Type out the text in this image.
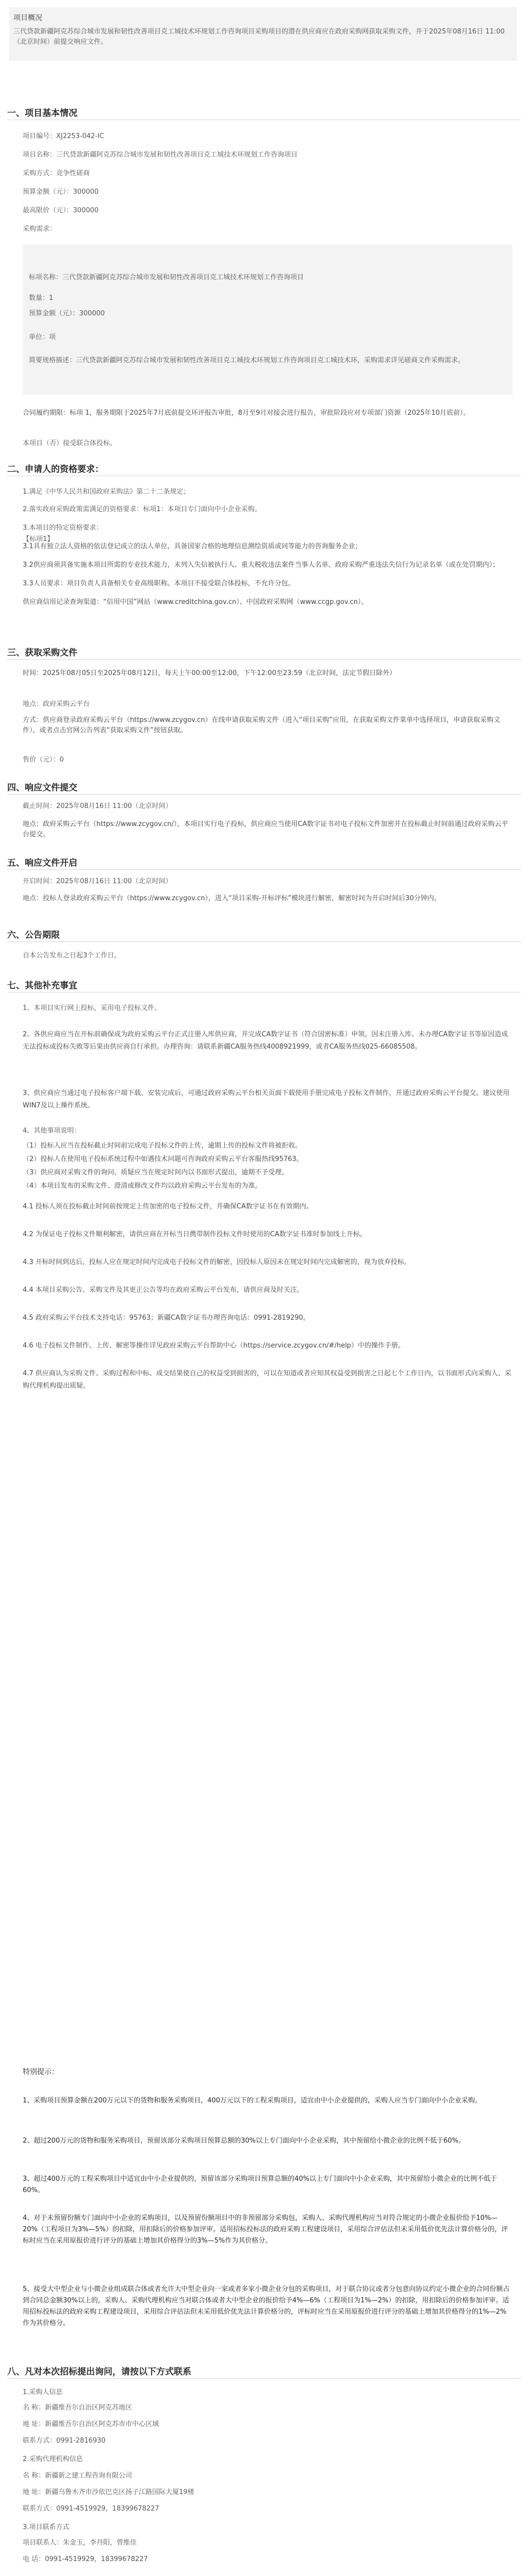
项目概况
三代贷款新疆阿克苏综合城市发展和韧性改善项目克工城技术环规划工作咨询项目采购项目的潜在供应商应在政府采购网获取采购文件，并于2025年08月16日 11:00（北京时间）前提交响应文件。
一、项目基本情况
项目编号：XJ2253-042-IC
项目名称：三代贷款新疆阿克苏综合城市发展和韧性改善项目克工城技术环规划工作咨询项目
采购方式：竞争性磋商
预算金额（元）：300000
最高限价（元）：300000
采购需求：
标项名称：三代贷款新疆阿克苏综合城市发展和韧性改善项目克工城技术环规划工作咨询项目
数量：1
预算金额（元）：300000
单位：项
简要规格描述：三代贷款新疆阿克苏综合城市发展和韧性改善项目克工城技术环规划工作咨询项目克工城技术环，采购需求详见磋商文件采购需求。
合同履约期限：标项 1，服务期限于2025年7月底前提交环评报告审批，8月至9月对接会进行报告，审批阶段应对专项部门资源（2025年10月底前）。
本项目（否）接受联合体投标。
二、申请人的资格要求：
1.满足《中华人民共和国政府采购法》第二十二条规定；
2.落实政府采购政策需满足的资格要求：标项1：本项目专门面向中小企业采购。
3.本项目的特定资格要求：
【标项1】
3.1具有独立法人资格的依法登记成立的法人单位，具备国家合格的地理信息测绘资质或同等能力的咨询服务企业；
3.2供应商须具备实施本项目所需的专业技术能力，未列入失信被执行人、重大税收违法案件当事人名单、政府采购严重违法失信行为记录名单（或在处罚期内）；
3.3人员要求：项目负责人具备相关专业高级职称。本项目不接受联合体投标，不允许分包。
供应商信用记录查询渠道：“信用中国”网站（www.creditchina.gov.cn）、中国政府采购网（www.ccgp.gov.cn）。
三、获取采购文件
时间：2025年08月05日至2025年08月12日，每天上午00:00至12:00，下午12:00至23:59（北京时间，法定节假日除外）
地点：政府采购云平台
方式：供应商登录政府采购云平台（https://www.zcygov.cn）在线申请获取采购文件（进入“项目采购”应用，在获取采购文件菜单中选择项目，申请获取采购文件），或者点击官网公告列表“获取采购文件”按钮获取。
售价（元）：0
四、响应文件提交
截止时间：2025年08月16日 11:00（北京时间）
地点：政府采购云平台（https://www.zcygov.cn/），本项目实行电子投标，供应商应当使用CA数字证书对电子投标文件加密并在投标截止时间前通过政府采购云平台提交。
五、响应文件开启
开启时间：2025年08月16日 11:00（北京时间）
地点：投标人登录政府采购云平台（https://www.zcygov.cn），进入“项目采购-开标评标”模块进行解密，解密时间为开启时间后30分钟内。
六、公告期限
自本公告发布之日起3个工作日。
七、其他补充事宜
1、本项目实行网上投标，采用电子投标文件。
2、各供应商应当在开标前确保成为政府采购云平台正式注册入库供应商，并完成CA数字证书（符合国密标准）申领。因未注册入库、未办理CA数字证书等原因造成无法投标或投标失败等后果由供应商自行承担。办理咨询：请联系新疆CA服务热线4008921999，或者CA服务热线025-66085508。
3、供应商应当通过电子投标客户端下载、安装完成后，可通过政府采购云平台相关页面下载使用手册完成电子投标文件制作，并通过政府采购云平台提交。建议使用WIN7及以上操作系统。
4、其他事项说明：
（1）投标人应当在投标截止时间前完成电子投标文件的上传，逾期上传的投标文件将被拒收。
（2）投标人在使用电子投标系统过程中如遇技术问题可咨询政府采购云平台客服热线95763。
（3）供应商对采购文件的询问、质疑应当在规定时间内以书面形式提出，逾期不予受理。
（4）本项目发布的采购文件、澄清或修改文件均以政府采购云平台发布的为准。
4.1 投标人须在投标截止时间前按规定上传加密的电子投标文件，并确保CA数字证书在有效期内。
4.2 为保证电子投标文件顺利解密，请供应商在开标当日携带制作投标文件时使用的CA数字证书准时参加线上开标。
4.3 开标时间到达后，投标人应在规定时间内完成电子投标文件的解密，因投标人原因未在规定时间内完成解密的，视为放弃投标。
4.4 本项目采购公告、采购文件及其更正公告等均在政府采购云平台发布，请供应商及时关注。
4.5 政府采购云平台技术支持电话：95763；新疆CA数字证书办理咨询电话：0991-2819290。
4.6 电子投标文件制作、上传、解密等操作详见政府采购云平台帮助中心（https://service.zcygov.cn/#/help）中的操作手册。
4.7 供应商认为采购文件、采购过程和中标、成交结果使自己的权益受到损害的，可以在知道或者应知其权益受到损害之日起七个工作日内，以书面形式向采购人、采购代理机构提出质疑。
特别提示：
1、采购项目预算金额在200万元以下的货物和服务采购项目，400万元以下的工程采购项目，适宜由中小企业提供的，采购人应当专门面向中小企业采购。
2、超过200万元的货物和服务采购项目，预留该部分采购项目预算总额的30%以上专门面向中小企业采购，其中预留给小微企业的比例不低于60%。
3、超过400万元的工程采购项目中适宜由中小企业提供的，预留该部分采购项目预算总额的40%以上专门面向中小企业采购，其中预留给小微企业的比例不低于60%。
4、对于未预留份额专门面向中小企业的采购项目，以及预留份额项目中的非预留部分采购包，采购人、采购代理机构应当对符合规定的小微企业报价给予10%—20%（工程项目为3%—5%）的扣除，用扣除后的价格参加评审。适用招标投标法的政府采购工程建设项目，采用综合评估法但未采用低价优先法计算价格分的，评标时应当在采用原报价进行评分的基础上增加其价格得分的3%—5%作为其价格分。
5、接受大中型企业与小微企业组成联合体或者允许大中型企业向一家或者多家小微企业分包的采购项目，对于联合协议或者分包意向协议约定小微企业的合同份额占到合同总金额30%以上的，采购人、采购代理机构应当对联合体或者大中型企业的报价给予4%—6%（工程项目为1%—2%）的扣除，用扣除后的价格参加评审。适用招标投标法的政府采购工程建设项目，采用综合评估法但未采用低价优先法计算价格分的，评标时应当在采用原报价进行评分的基础上增加其价格得分的1%—2%作为其价格分。
八、凡对本次招标提出询问，请按以下方式联系
1.采购人信息
名 称：新疆维吾尔自治区阿克苏地区
地 址：新疆维吾尔自治区阿克苏市市中心区域
联系方式：0991-2816930
2.采购代理机构信息
名 称：新疆新之建工程咨询有限公司
地 址：新疆乌鲁木齐市沙依巴克区扬子江路国际大厦19楼
联系方式：0991-4519929，18399678227
3.项目联系方式
项目联系人：朱金玉，李丹阳，曾维佳
电 话：0991-4519929，18399678227
